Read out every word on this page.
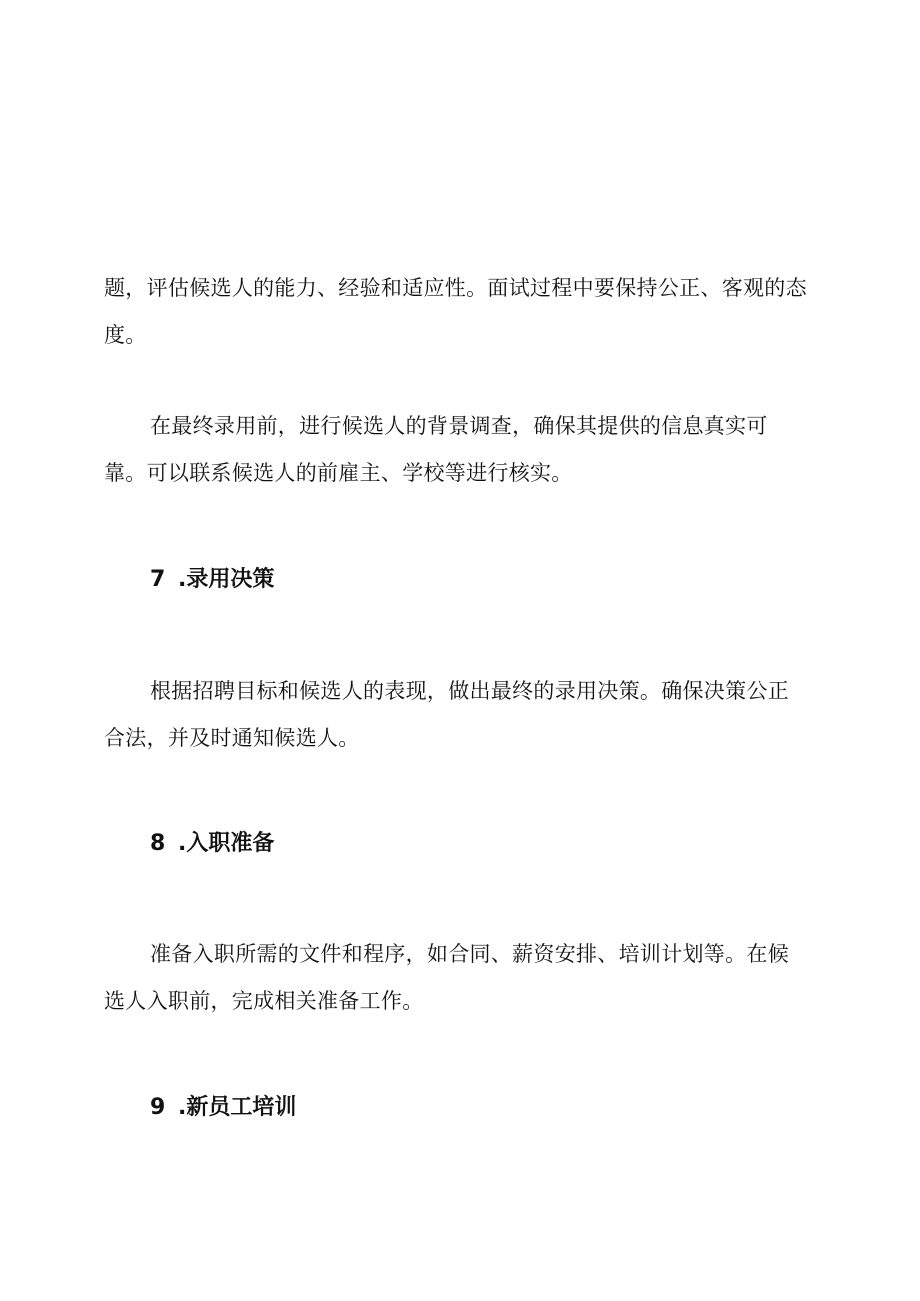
题，评估候选人的能力、经验和适应性。面试过程中要保持公正、客观的态
度。
在最终录用前，进行候选人的背景调查，确保其提供的信息真实可
靠。可以联系候选人的前雇主、学校等进行核实。
7 .录用决策
根据招聘目标和候选人的表现，做出最终的录用决策。确保决策公正
合法，并及时通知候选人。
8 .入职准备
准备入职所需的文件和程序，如合同、薪资安排、培训计划等。在候
选人入职前，完成相关准备工作。
9 .新员工培训
